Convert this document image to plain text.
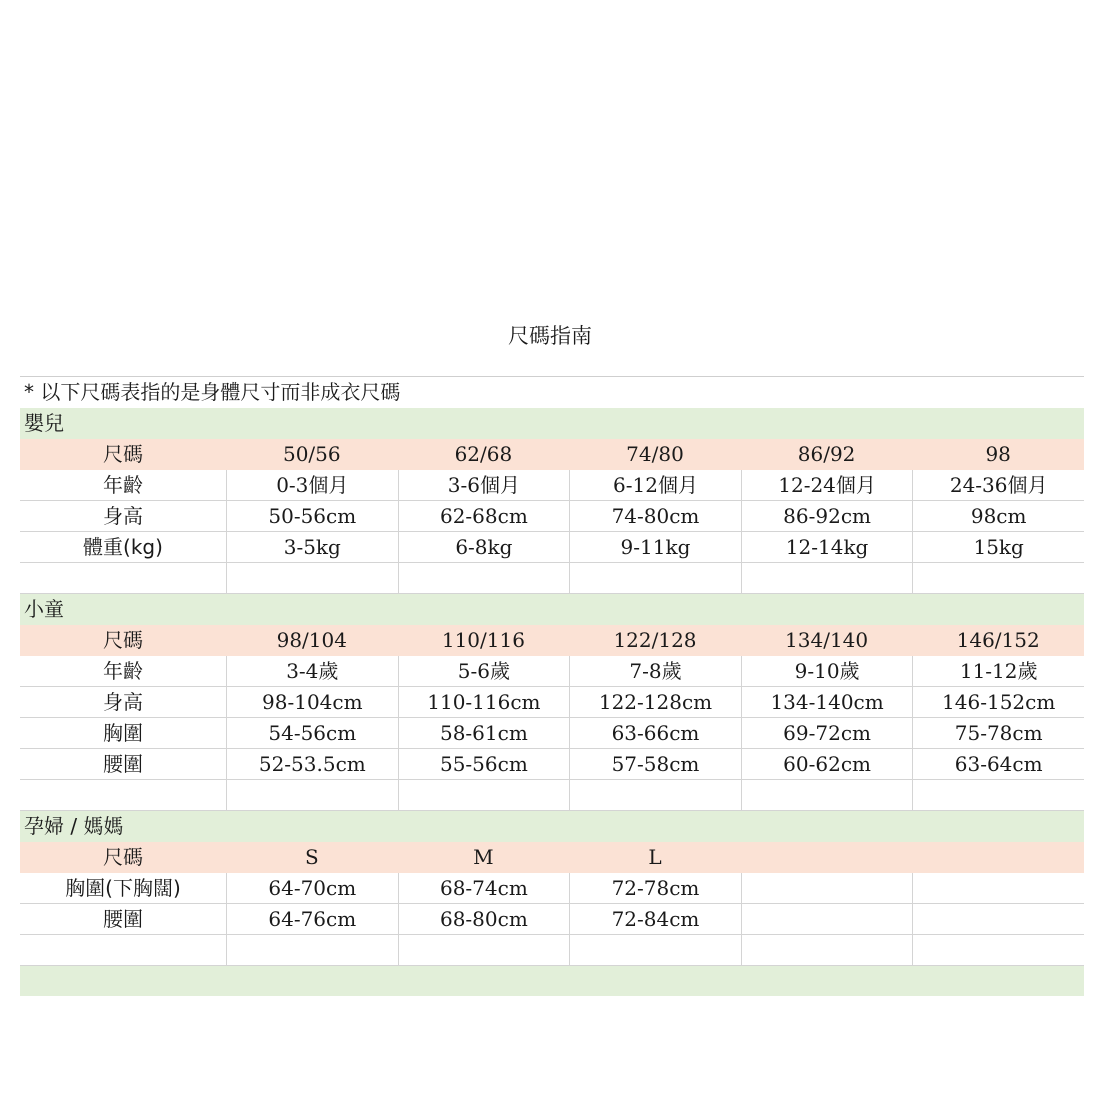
尺碼指南
* 以下尺碼表指的是身體尺寸而非成衣尺碼
嬰兒
尺碼	50/56	62/68	74/80	86/92	98
年齡	0-3個月	3-6個月	6-12個月	12-24個月	24-36個月
身高	50-56cm	62-68cm	74-80cm	86-92cm	98cm
體重(kg)	3-5kg	6-8kg	9-11kg	12-14kg	15kg
小童
尺碼	98/104	110/116	122/128	134/140	146/152
年齡	3-4歲	5-6歲	7-8歲	9-10歲	11-12歲
身高	98-104cm	110-116cm	122-128cm	134-140cm	146-152cm
胸圍	54-56cm	58-61cm	63-66cm	69-72cm	75-78cm
腰圍	52-53.5cm	55-56cm	57-58cm	60-62cm	63-64cm
孕婦 / 媽媽
尺碼	S	M	L
胸圍(下胸闊)	64-70cm	68-74cm	72-78cm
腰圍	64-76cm	68-80cm	72-84cm
